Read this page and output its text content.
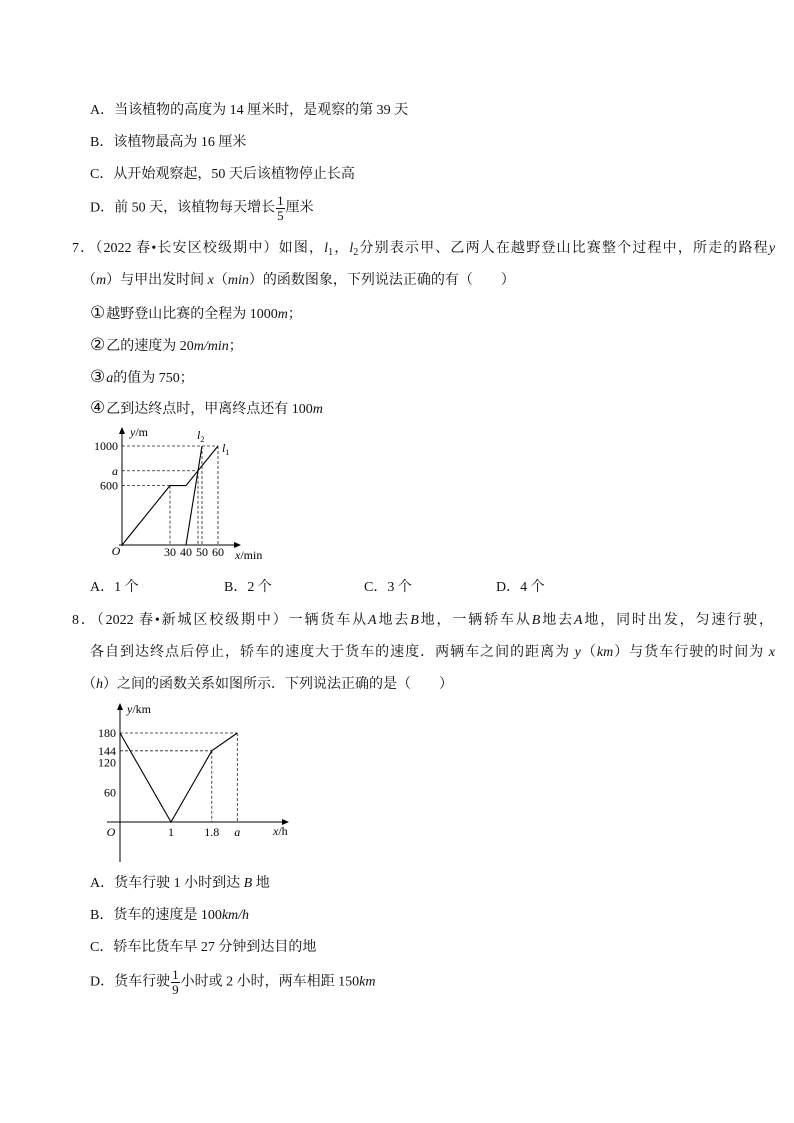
A．当该植物的高度为 14 厘米时，是观察的第 39 天
B．该植物最高为 16 厘米
C．从开始观察起，50 天后该植物停止长高
D．前 50 天，该植物每天增长 $\frac{1}{5}$ 厘米
7．（2022 春•长安区校级期中）如图，$l_1$，$l_2$分别表示甲、乙两人在越野登山比赛整个过程中，所走的路程y
（m）与甲出发时间 x（min）的函数图象，下列说法正确的有（　　）
①越野登山比赛的全程为 1000m；
②乙的速度为 20m/min；
③a的值为 750；
④乙到达终点时，甲离终点还有 100m
$l_1$
$l_2$
30 40 50 60
1000
a
600
x/min
y/m
O
A．1 个	B．2 个	C．3 个	D．4 个
8．（2022 春•新城区校级期中）一辆货车从A地去B地，一辆轿车从B地去A地，同时出发，匀速行驶，
各自到达终点后停止，轿车的速度大于货车的速度．两辆车之间的距离为 y（km）与货车行驶的时间为 x
（h）之间的函数关系如图所示．下列说法正确的是（　　）
1	1.8 a
180
144
120
60
x/h
y/km
O
A．货车行驶 1 小时到达 B 地
B．货车的速度是 100km/h
C．轿车比货车早 27 分钟到达目的地
D．货车行驶 $\frac{1}{9}$ 小时或 2 小时，两车相距 150km
